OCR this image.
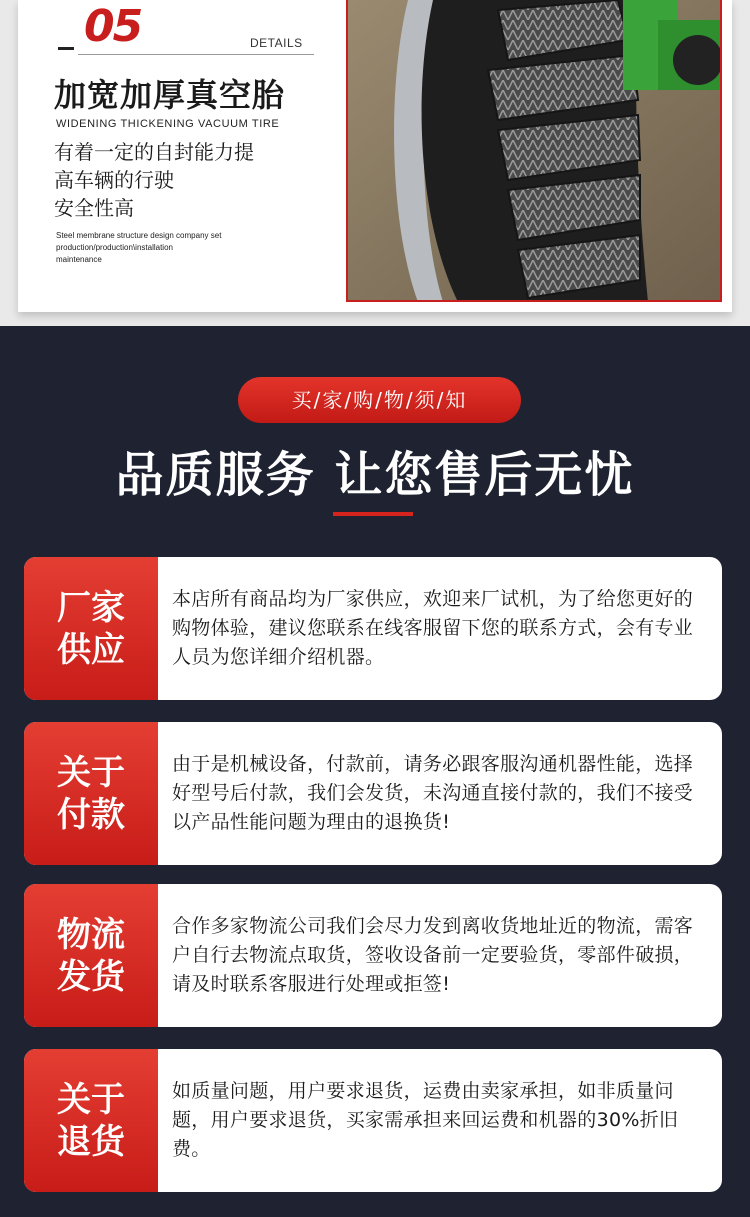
05	DETAILS
加宽加厚真空胎
WIDENING THICKENING VACUUM TIRE
有着一定的自封能力提
高车辆的行驶
安全性高
Steel membrane structure design company set
production/production\installation
maintenance
买/家/购/物/须/知
品质服务 让您售后无忧
厂家
供应
本店所有商品均为厂家供应，欢迎来厂试机，为了给您更好的购物体验，建议您联系在线客服留下您的联系方式，会有专业人员为您详细介绍机器。
关于
付款
由于是机械设备，付款前，请务必跟客服沟通机器性能，选择好型号后付款，我们会发货，未沟通直接付款的，我们不接受以产品性能问题为理由的退换货!
物流
发货
合作多家物流公司我们会尽力发到离收货地址近的物流，需客户自行去物流点取货，签收设备前一定要验货，零部件破损，请及时联系客服进行处理或拒签!
关于
退货
如质量问题，用户要求退货，运费由卖家承担，如非质量问题，用户要求退货，买家需承担来回运费和机器的30%折旧费。
